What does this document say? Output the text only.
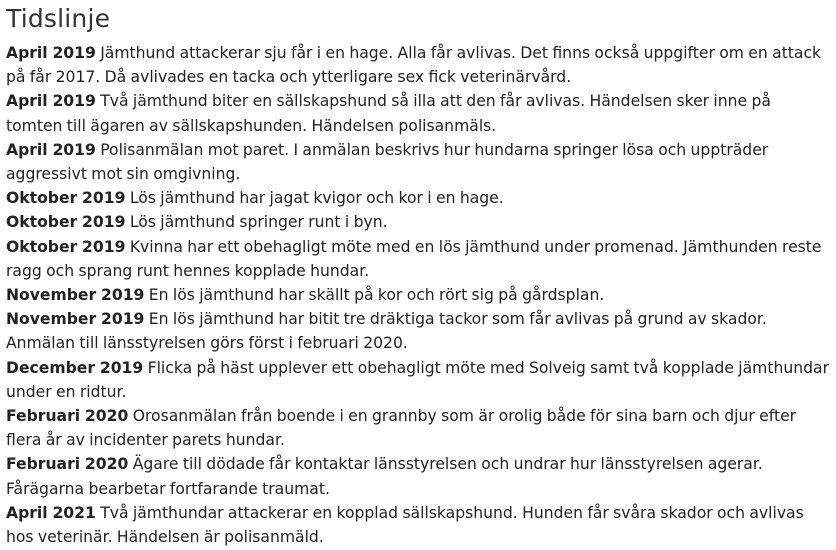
Tidslinje

April 2019 Jämthund attackerar sju får i en hage. Alla får avlivas. Det finns också uppgifter om en attack på får 2017. Då avlivades en tacka och ytterligare sex fick veterinärvård.

April 2019 Två jämthund biter en sällskapshund så illa att den får avlivas. Händelsen sker inne på tomten till ägaren av sällskapshunden. Händelsen polisanmäls.

April 2019 Polisanmälan mot paret. I anmälan beskrivs hur hundarna springer lösa och uppträder aggressivt mot sin omgivning.

Oktober 2019 Lös jämthund har jagat kvigor och kor i en hage.

Oktober 2019 Lös jämthund springer runt i byn.

Oktober 2019 Kvinna har ett obehagligt möte med en lös jämthund under promenad. Jämthunden reste ragg och sprang runt hennes kopplade hundar.

November 2019 En lös jämthund har skällt på kor och rört sig på gårdsplan.

November 2019 En lös jämthund har bitit tre dräktiga tackor som får avlivas på grund av skador. Anmälan till länsstyrelsen görs först i februari 2020.

December 2019 Flicka på häst upplever ett obehagligt möte med Solveig samt två kopplade jämthundar under en ridtur.

Februari 2020 Orosanmälan från boende i en grannby som är orolig både för sina barn och djur efter flera år av incidenter parets hundar.

Februari 2020 Ägare till dödade får kontaktar länsstyrelsen och undrar hur länsstyrelsen agerar. Fårägarna bearbetar fortfarande traumat.

April 2021 Två jämthundar attackerar en kopplad sällskapshund. Hunden får svåra skador och avlivas hos veterinär. Händelsen är polisanmäld.
